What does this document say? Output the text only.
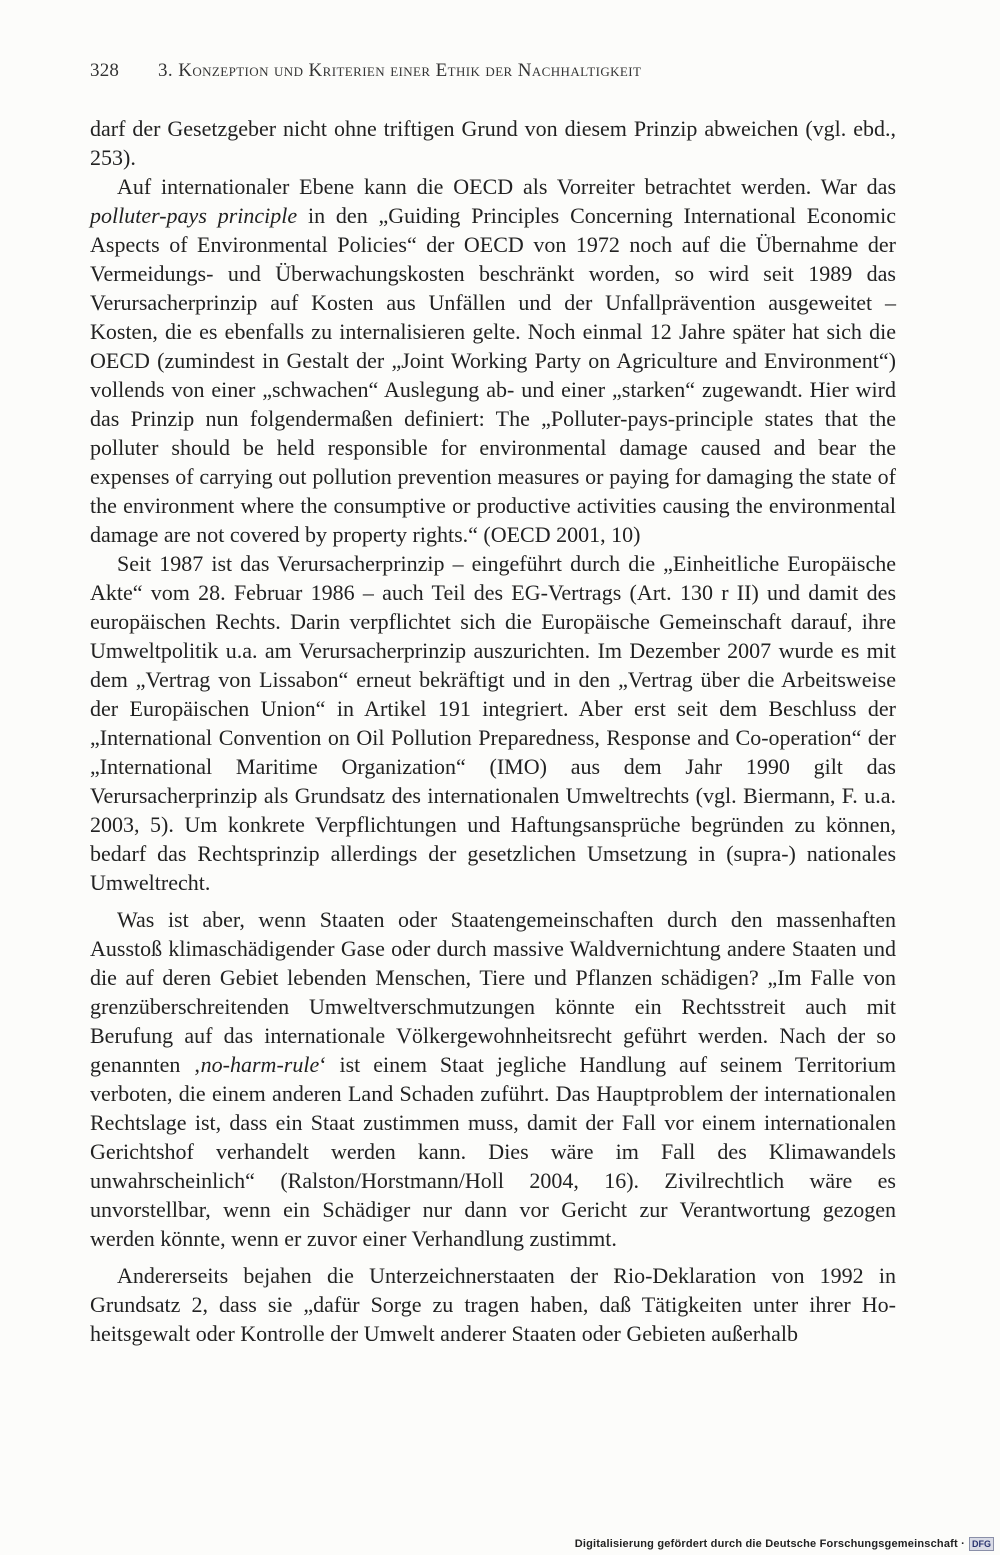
328 3. Konzeption und Kriterien einer Ethik der Nachhaltigkeit

darf der Gesetzgeber nicht ohne triftigen Grund von diesem Prinzip abweichen (vgl. ebd., 253).

Auf internationaler Ebene kann die OECD als Vorreiter betrachtet werden. War das polluter-pays principle in den „Guiding Principles Concerning International Economic Aspects of Environmental Policies“ der OECD von 1972 noch auf die Übernahme der Vermeidungs- und Überwachungskosten beschränkt worden, so wird seit 1989 das Verursacherprinzip auf Kosten aus Unfällen und der Unfallprävention ausgeweitet – Kosten, die es ebenfalls zu internalisieren gelte. Noch einmal 12 Jahre später hat sich die OECD (zumindest in Gestalt der „Joint Working Party on Agriculture and Environment“) vollends von einer „schwachen“ Auslegung ab- und einer „starken“ zugewandt. Hier wird das Prinzip nun folgendermaßen definiert: The „Polluter-pays-principle states that the polluter should be held responsible for environmental damage caused and bear the expenses of carrying out pollution prevention measures or paying for damaging the state of the environment where the consumptive or productive activities causing the environmental damage are not covered by property rights.“ (OECD 2001, 10)

Seit 1987 ist das Verursacherprinzip – eingeführt durch die „Einheitliche Europäische Akte“ vom 28. Februar 1986 – auch Teil des EG-Vertrags (Art. 130 r II) und damit des europäischen Rechts. Darin verpflichtet sich die Europäische Gemeinschaft darauf, ihre Umweltpolitik u.a. am Verursacherprinzip auszurichten. Im Dezember 2007 wurde es mit dem „Vertrag von Lissabon“ erneut bekräftigt und in den „Vertrag über die Arbeitsweise der Europäischen Union“ in Artikel 191 integriert. Aber erst seit dem Beschluss der „International Convention on Oil Pollution Preparedness, Response and Co-operation“ der „International Maritime Organization“ (IMO) aus dem Jahr 1990 gilt das Verursacherprinzip als Grundsatz des internationalen Umweltrechts (vgl. Biermann, F. u.a. 2003, 5). Um konkrete Verpflichtungen und Haftungsansprüche begründen zu können, bedarf das Rechtsprinzip allerdings der gesetzlichen Umsetzung in (supra-) nationales Umweltrecht.

Was ist aber, wenn Staaten oder Staatengemeinschaften durch den massenhaften Ausstoß klimaschädigender Gase oder durch massive Waldvernichtung andere Staaten und die auf deren Gebiet lebenden Menschen, Tiere und Pflanzen schädigen? „Im Falle von grenzüberschreitenden Umweltverschmutzungen könnte ein Rechtsstreit auch mit Berufung auf das internationale Völkergewohnheitsrecht geführt werden. Nach der so genannten ‚no-harm-rule‘ ist einem Staat jegliche Handlung auf seinem Territorium verboten, die einem anderen Land Schaden zuführt. Das Hauptproblem der internationalen Rechtslage ist, dass ein Staat zustimmen muss, damit der Fall vor einem internationalen Gerichtshof verhandelt werden kann. Dies wäre im Fall des Klimawandels unwahrscheinlich“ (Ralston/Horstmann/Holl 2004, 16). Zivilrechtlich wäre es unvorstellbar, wenn ein Schädiger nur dann vor Gericht zur Verantwortung gezogen werden könnte, wenn er zuvor einer Verhandlung zustimmt.

Andererseits bejahen die Unterzeichnerstaaten der Rio-Deklaration von 1992 in Grundsatz 2, dass sie „dafür Sorge zu tragen haben, daß Tätigkeiten unter ihrer Hoheitsgewalt oder Kontrolle der Umwelt anderer Staaten oder Gebieten außerhalb

Digitalisierung gefördert durch die Deutsche Forschungsgemeinschaft · DFG
